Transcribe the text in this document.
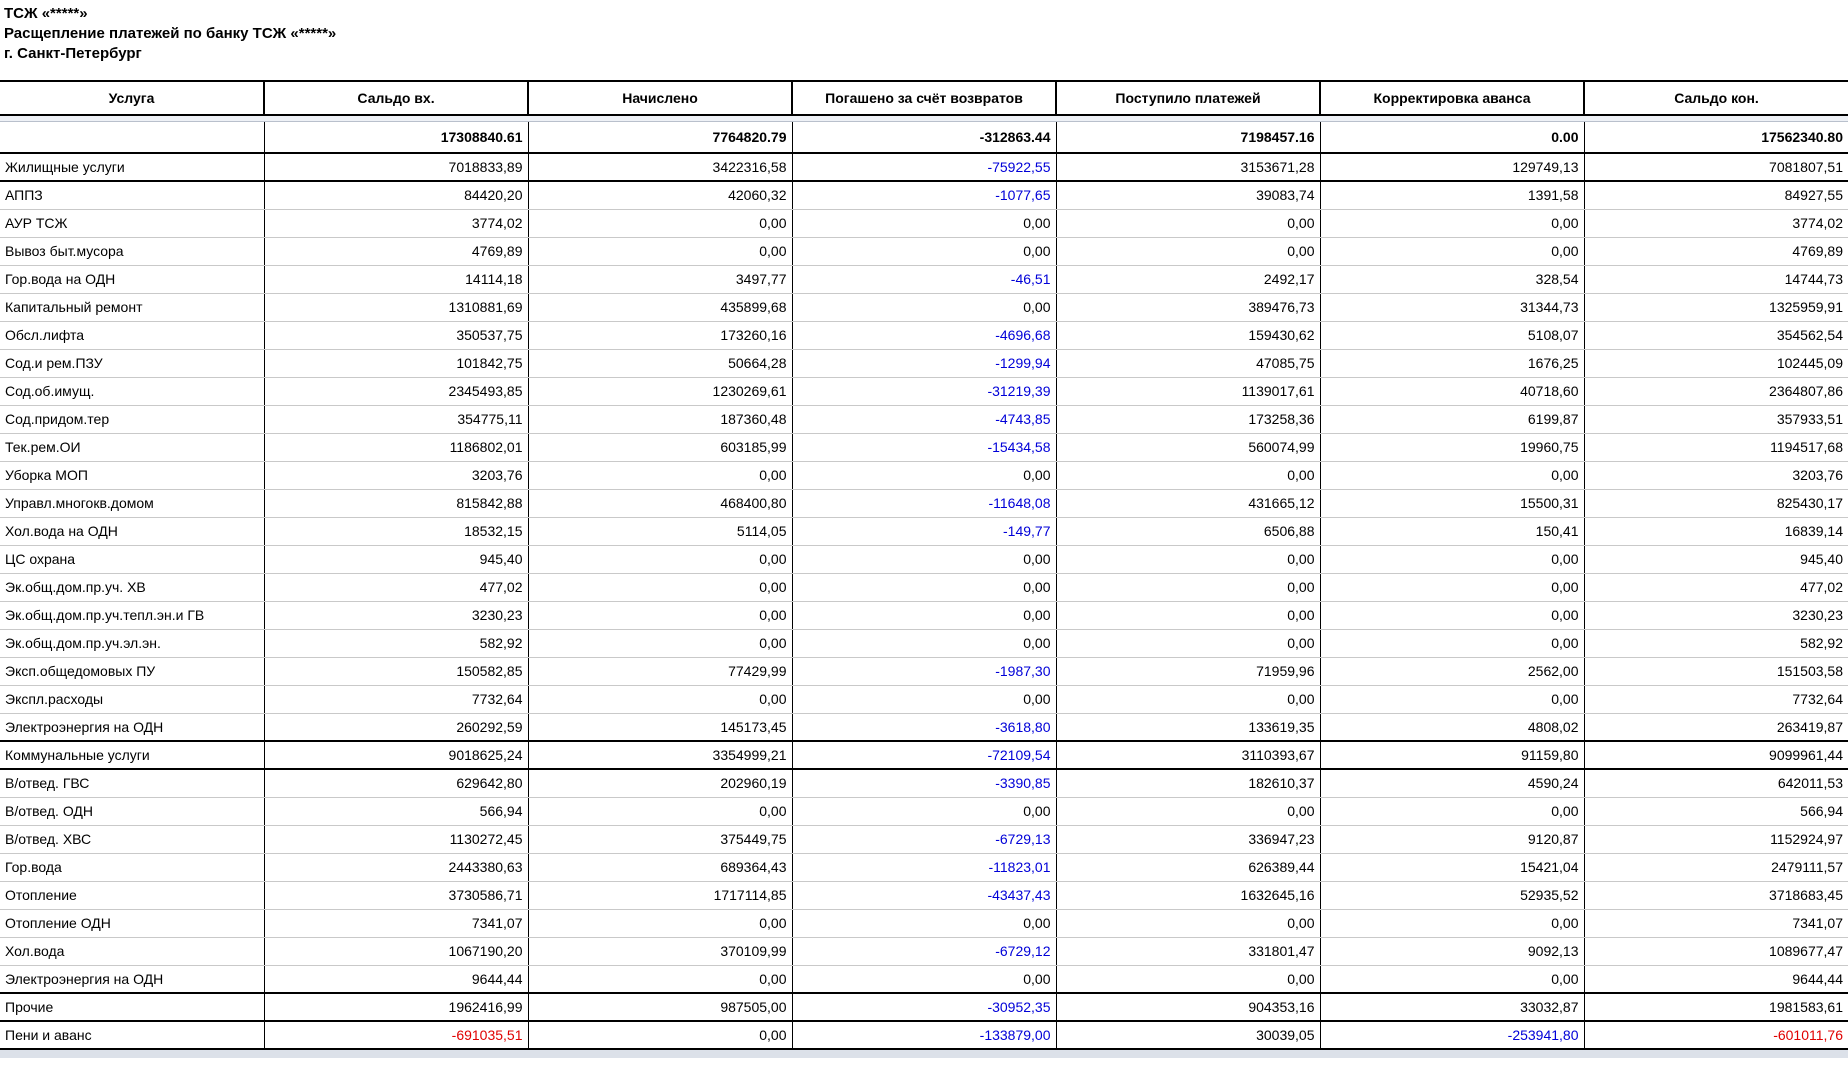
ТСЖ «*****»
Расщепление платежей по банку ТСЖ «*****»
г. Санкт-Петербург
Услуга	Сальдо вх.	Начислено	Погашено за счёт возвратов	Поступило платежей	Корректировка аванса	Сальдо кон.

	17308840.61	7764820.79	-312863.44	7198457.16	0.00	17562340.80
Жилищные услуги	7018833,89	3422316,58	-75922,55	3153671,28	129749,13	7081807,51
АППЗ	84420,20	42060,32	-1077,65	39083,74	1391,58	84927,55
АУР ТСЖ	3774,02	0,00	0,00	0,00	0,00	3774,02
Вывоз быт.мусора	4769,89	0,00	0,00	0,00	0,00	4769,89
Гор.вода на ОДН	14114,18	3497,77	-46,51	2492,17	328,54	14744,73
Капитальный ремонт	1310881,69	435899,68	0,00	389476,73	31344,73	1325959,91
Обсл.лифта	350537,75	173260,16	-4696,68	159430,62	5108,07	354562,54
Сод.и рем.ПЗУ	101842,75	50664,28	-1299,94	47085,75	1676,25	102445,09
Сод.об.имущ.	2345493,85	1230269,61	-31219,39	1139017,61	40718,60	2364807,86
Сод.придом.тер	354775,11	187360,48	-4743,85	173258,36	6199,87	357933,51
Тек.рем.ОИ	1186802,01	603185,99	-15434,58	560074,99	19960,75	1194517,68
Уборка МОП	3203,76	0,00	0,00	0,00	0,00	3203,76
Управл.многокв.домом	815842,88	468400,80	-11648,08	431665,12	15500,31	825430,17
Хол.вода на ОДН	18532,15	5114,05	-149,77	6506,88	150,41	16839,14
ЦС охрана	945,40	0,00	0,00	0,00	0,00	945,40
Эк.общ.дом.пр.уч. ХВ	477,02	0,00	0,00	0,00	0,00	477,02
Эк.общ.дом.пр.уч.тепл.эн.и ГВ	3230,23	0,00	0,00	0,00	0,00	3230,23
Эк.общ.дом.пр.уч.эл.эн.	582,92	0,00	0,00	0,00	0,00	582,92
Эксп.общедомовых ПУ	150582,85	77429,99	-1987,30	71959,96	2562,00	151503,58
Экспл.расходы	7732,64	0,00	0,00	0,00	0,00	7732,64
Электроэнергия на ОДН	260292,59	145173,45	-3618,80	133619,35	4808,02	263419,87
Коммунальные услуги	9018625,24	3354999,21	-72109,54	3110393,67	91159,80	9099961,44
В/отвед. ГВС	629642,80	202960,19	-3390,85	182610,37	4590,24	642011,53
В/отвед. ОДН	566,94	0,00	0,00	0,00	0,00	566,94
В/отвед. ХВС	1130272,45	375449,75	-6729,13	336947,23	9120,87	1152924,97
Гор.вода	2443380,63	689364,43	-11823,01	626389,44	15421,04	2479111,57
Отопление	3730586,71	1717114,85	-43437,43	1632645,16	52935,52	3718683,45
Отопление ОДН	7341,07	0,00	0,00	0,00	0,00	7341,07
Хол.вода	1067190,20	370109,99	-6729,12	331801,47	9092,13	1089677,47
Электроэнергия на ОДН	9644,44	0,00	0,00	0,00	0,00	9644,44
Прочие	1962416,99	987505,00	-30952,35	904353,16	33032,87	1981583,61
Пени и аванс	-691035,51	0,00	-133879,00	30039,05	-253941,80	-601011,76
